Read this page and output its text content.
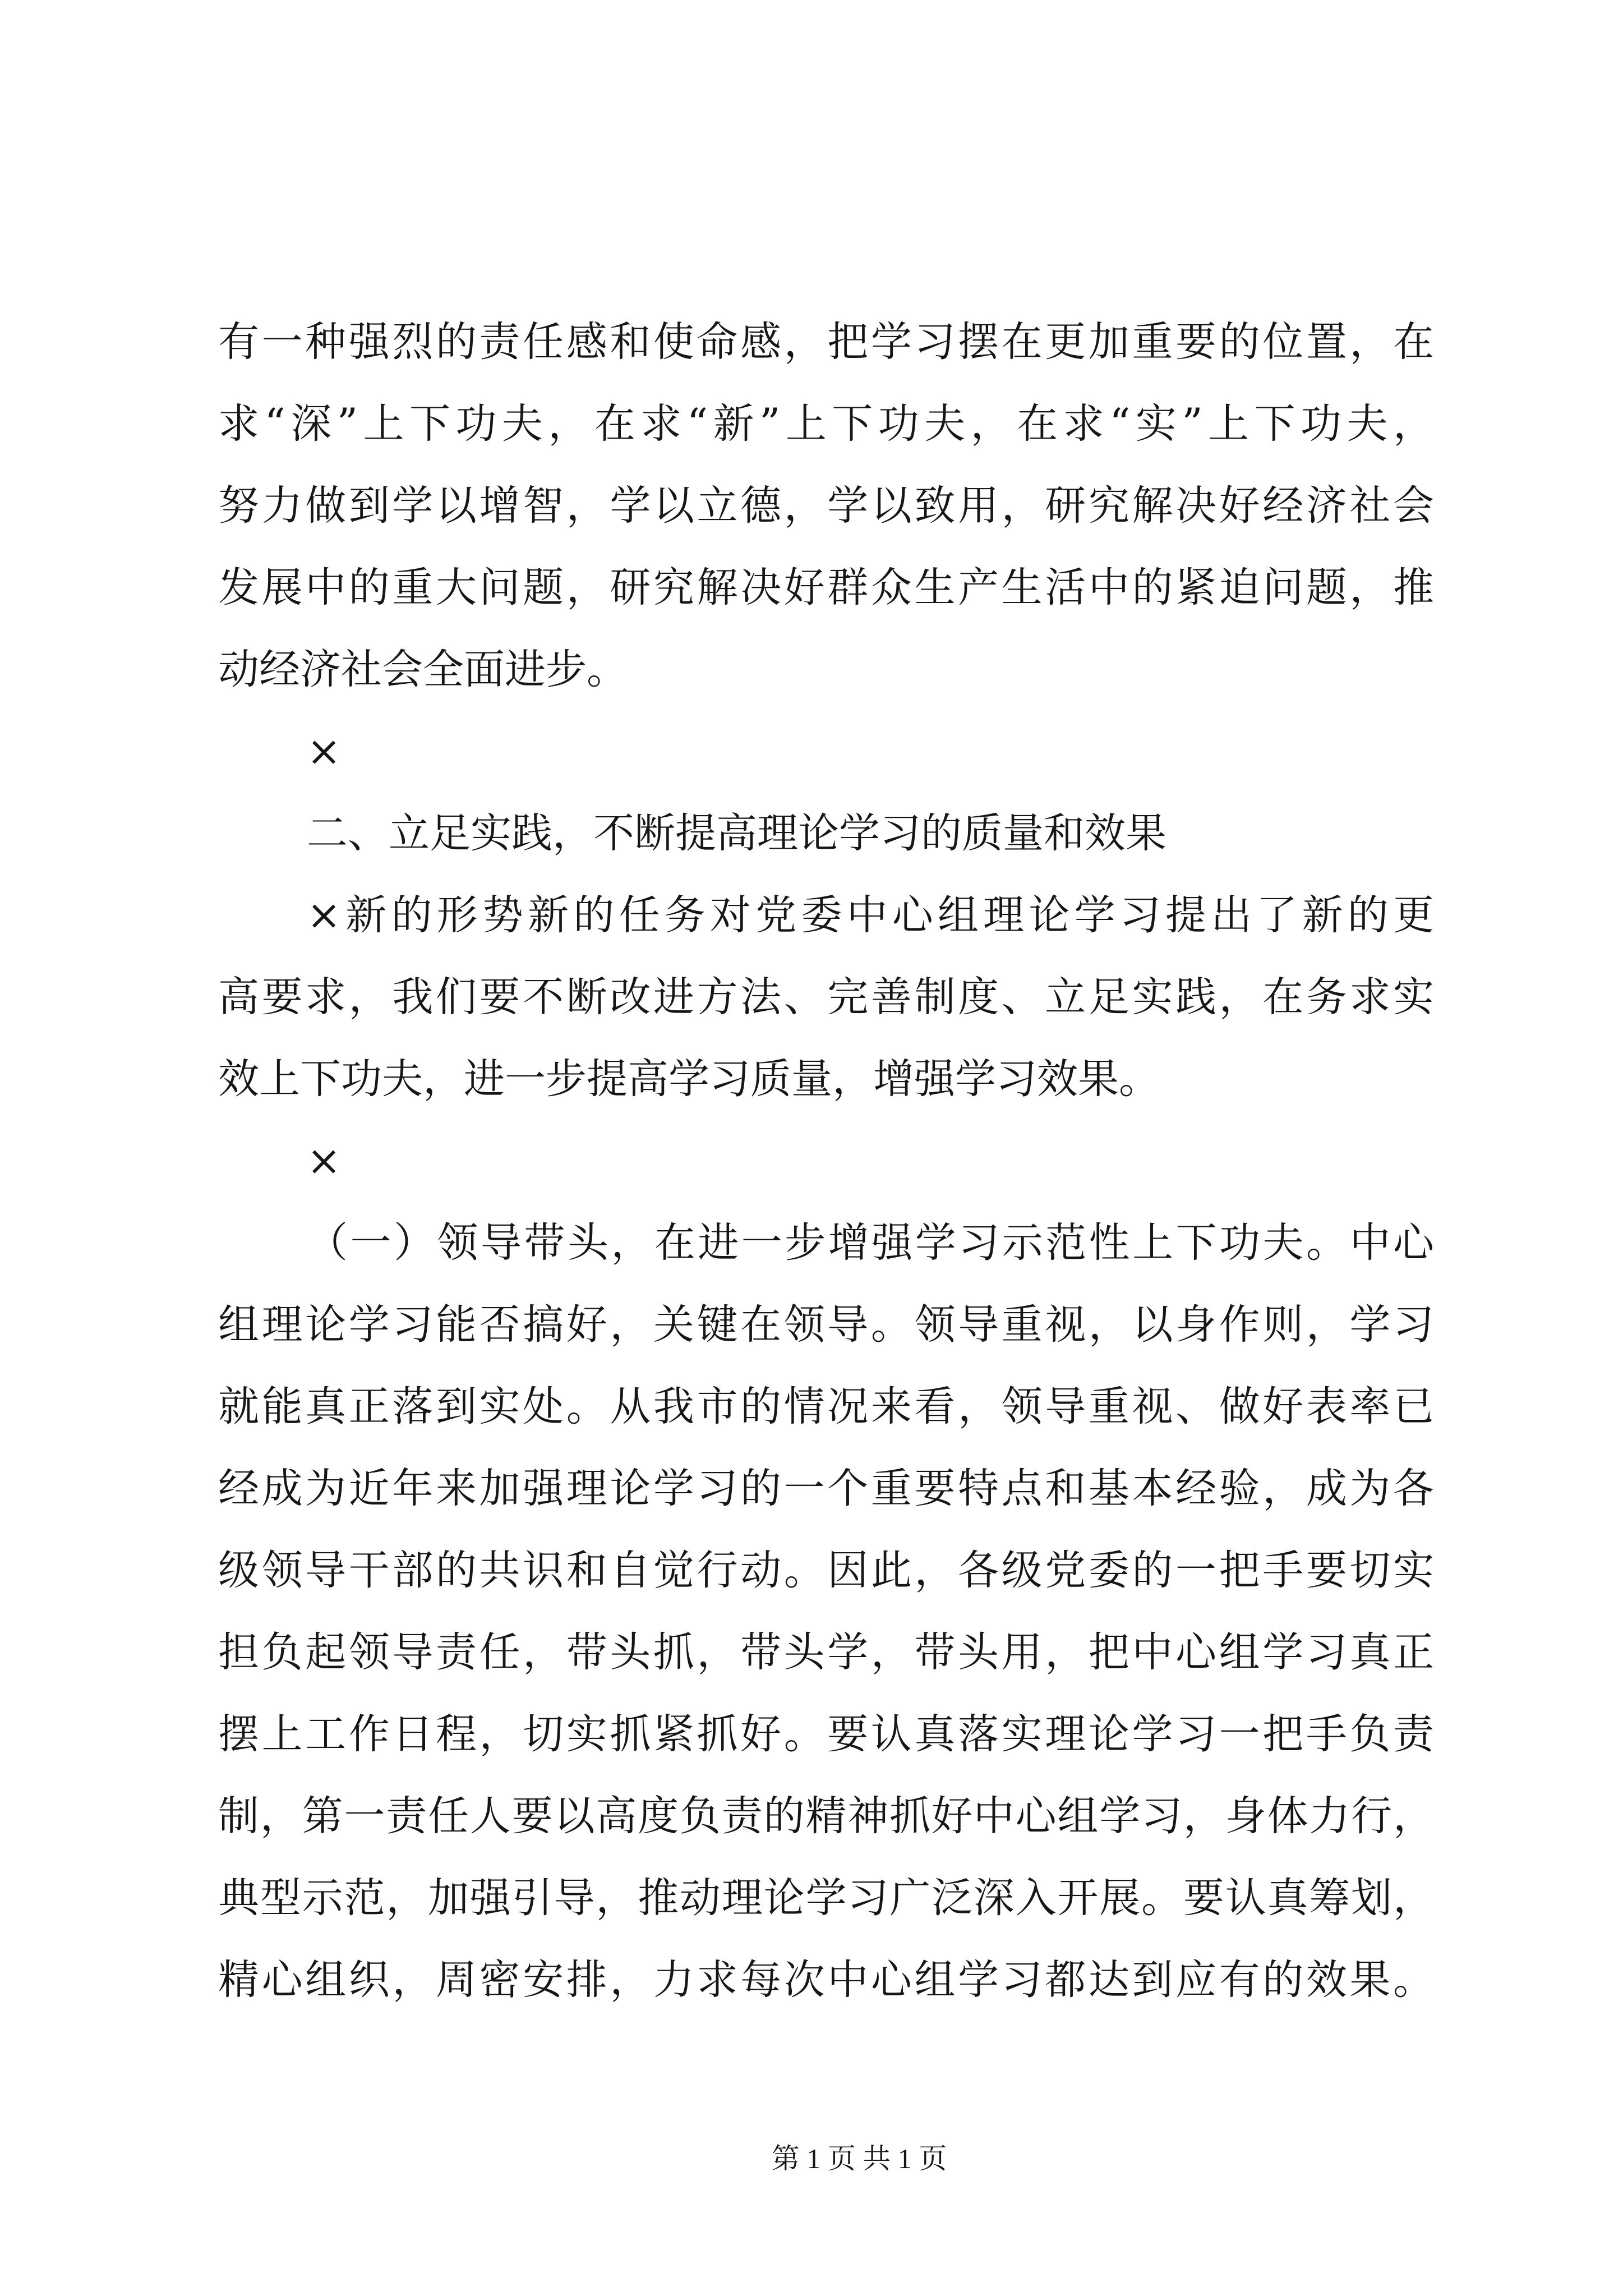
有一种强烈的责任感和使命感，把学习摆在更加重要的位置，在
求“深”上下功夫，在求“新”上下功夫，在求“实”上下功夫，
努力做到学以增智，学以立德，学以致用，研究解决好经济社会
发展中的重大问题，研究解决好群众生产生活中的紧迫问题，推
动经济社会全面进步。
×
二、立足实践，不断提高理论学习的质量和效果
×新的形势新的任务对党委中心组理论学习提出了新的更
高要求，我们要不断改进方法、完善制度、立足实践，在务求实
效上下功夫，进一步提高学习质量，增强学习效果。
×
（一）领导带头，在进一步增强学习示范性上下功夫。中心
组理论学习能否搞好，关键在领导。领导重视，以身作则，学习
就能真正落到实处。从我市的情况来看，领导重视、做好表率已
经成为近年来加强理论学习的一个重要特点和基本经验，成为各
级领导干部的共识和自觉行动。因此，各级党委的一把手要切实
担负起领导责任，带头抓，带头学，带头用，把中心组学习真正
摆上工作日程，切实抓紧抓好。要认真落实理论学习一把手负责
制，第一责任人要以高度负责的精神抓好中心组学习，身体力行，
典型示范，加强引导，推动理论学习广泛深入开展。要认真筹划，
精心组织，周密安排，力求每次中心组学习都达到应有的效果。
第 1 页 共 1 页
